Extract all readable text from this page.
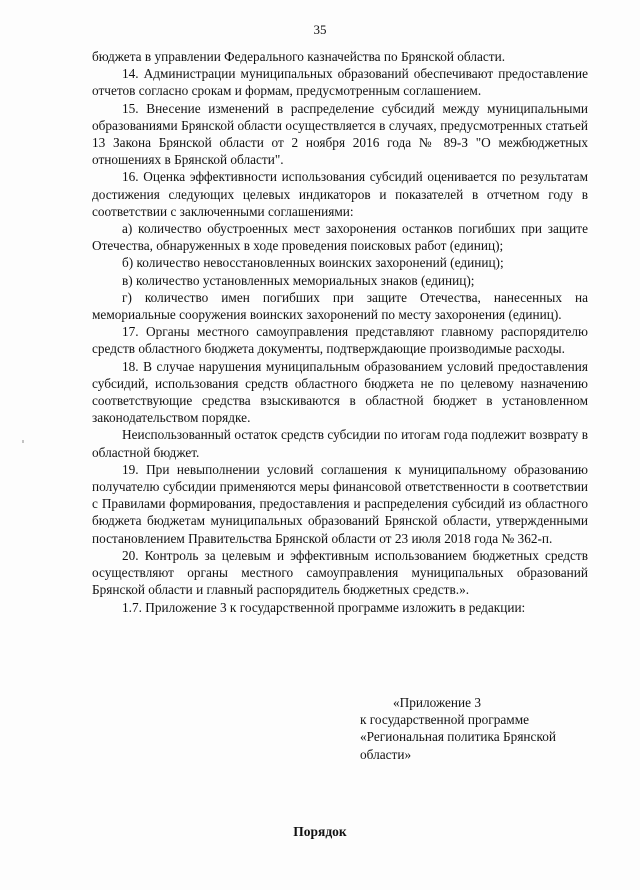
35

бюджета в управлении Федерального казначейства по Брянской области.

14. Администрации муниципальных образований обеспечивают предоставление отчетов согласно срокам и формам, предусмотренным соглашением.

15. Внесение изменений в распределение субсидий между муниципальными образованиями Брянской области осуществляется в случаях, предусмотренных статьей 13 Закона Брянской области от 2 ноября 2016 года № 89-З "О межбюджетных отношениях в Брянской области".

16. Оценка эффективности использования субсидий оценивается по результатам достижения следующих целевых индикаторов и показателей в отчетном году в соответствии с заключенными соглашениями:

а) количество обустроенных мест захоронения останков погибших при защите Отечества, обнаруженных в ходе проведения поисковых работ (единиц);

б) количество невосстановленных воинских захоронений (единиц);

в) количество установленных мемориальных знаков (единиц);

г) количество имен погибших при защите Отечества, нанесенных на мемориальные сооружения воинских захоронений по месту захоронения (единиц).

17. Органы местного самоуправления представляют главному распорядителю средств областного бюджета документы, подтверждающие производимые расходы.

18. В случае нарушения муниципальным образованием условий предоставления субсидий, использования средств областного бюджета не по целевому назначению соответствующие средства взыскиваются в областной бюджет в установленном законодательством порядке.

Неиспользованный остаток средств субсидии по итогам года подлежит возврату в областной бюджет.

19. При невыполнении условий соглашения к муниципальному образованию получателю субсидии применяются меры финансовой ответственности в соответствии с Правилами формирования, предоставления и распределения субсидий из областного бюджета бюджетам муниципальных образований Брянской области, утвержденными постановлением Правительства Брянской области от 23 июля 2018 года № 362-п.

20. Контроль за целевым и эффективным использованием бюджетных средств осуществляют органы местного самоуправления муниципальных образований Брянской области и главный распорядитель бюджетных средств.».

1.7. Приложение 3 к государственной программе изложить в редакции:

«Приложение 3
к государственной программе
«Региональная политика Брянской
области»
Порядок
